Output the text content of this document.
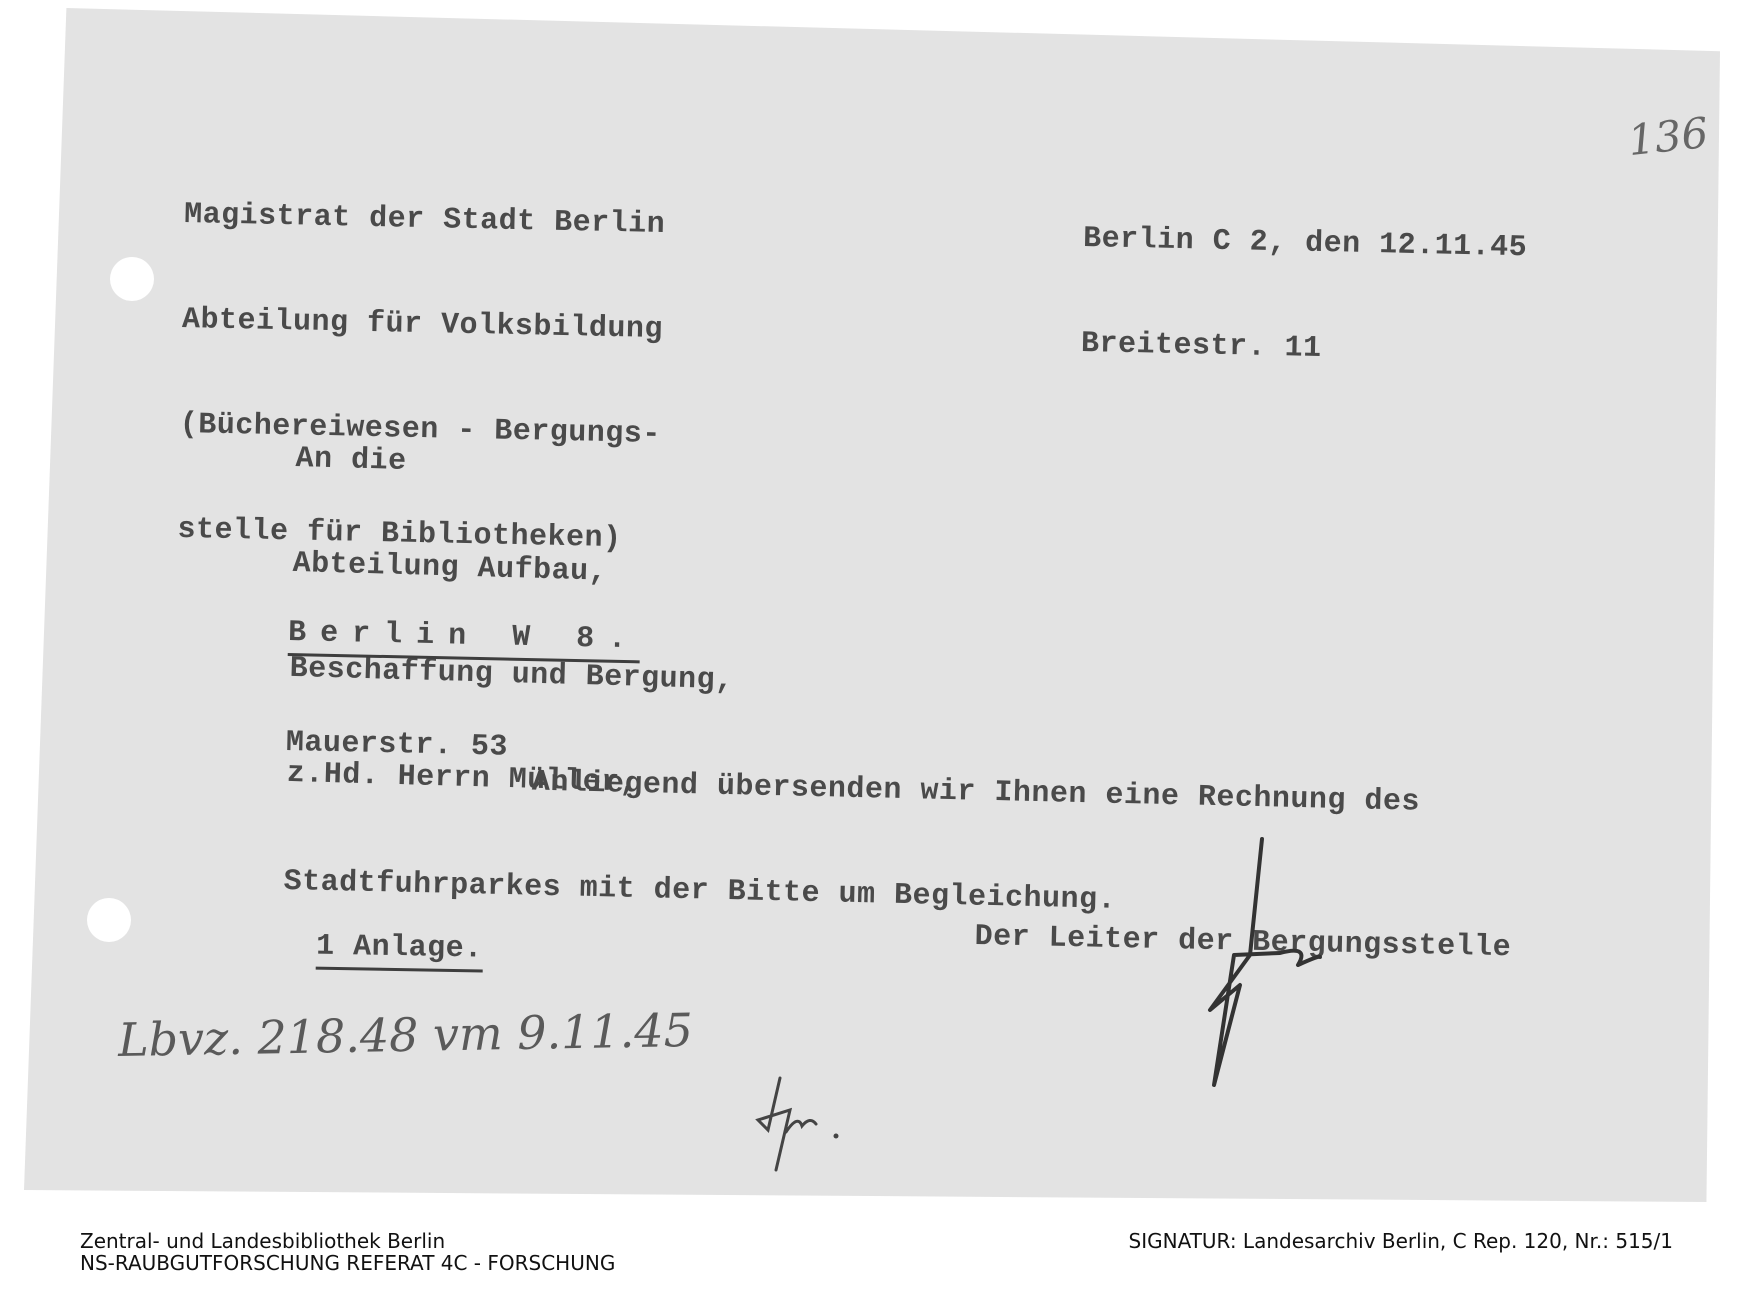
136

Magistrat der Stadt Berlin

Abteilung für Volksbildung

(Büchereiwesen - Bergungs-

stelle für Bibliotheken)

Berlin C 2, den 12.11.45

Breitestr. 11

An die

Abteilung Aufbau,

Beschaffung und Bergung,

z.Hd. Herrn Müller,

Berlin W 8.

Mauerstr. 53

Anliegend übersenden wir Ihnen eine Rechnung des

Stadtfuhrparkes mit der Bitte um Begleichung.

1 Anlage.	Der Leiter der Bergungsstelle
Lbvz. 218.48 vm 9.11.45
Zentral- und Landesbibliothek Berlin
NS-RAUBGUTFORSCHUNG REFERAT 4C - FORSCHUNG
SIGNATUR: Landesarchiv Berlin, C Rep. 120, Nr.: 515/1
